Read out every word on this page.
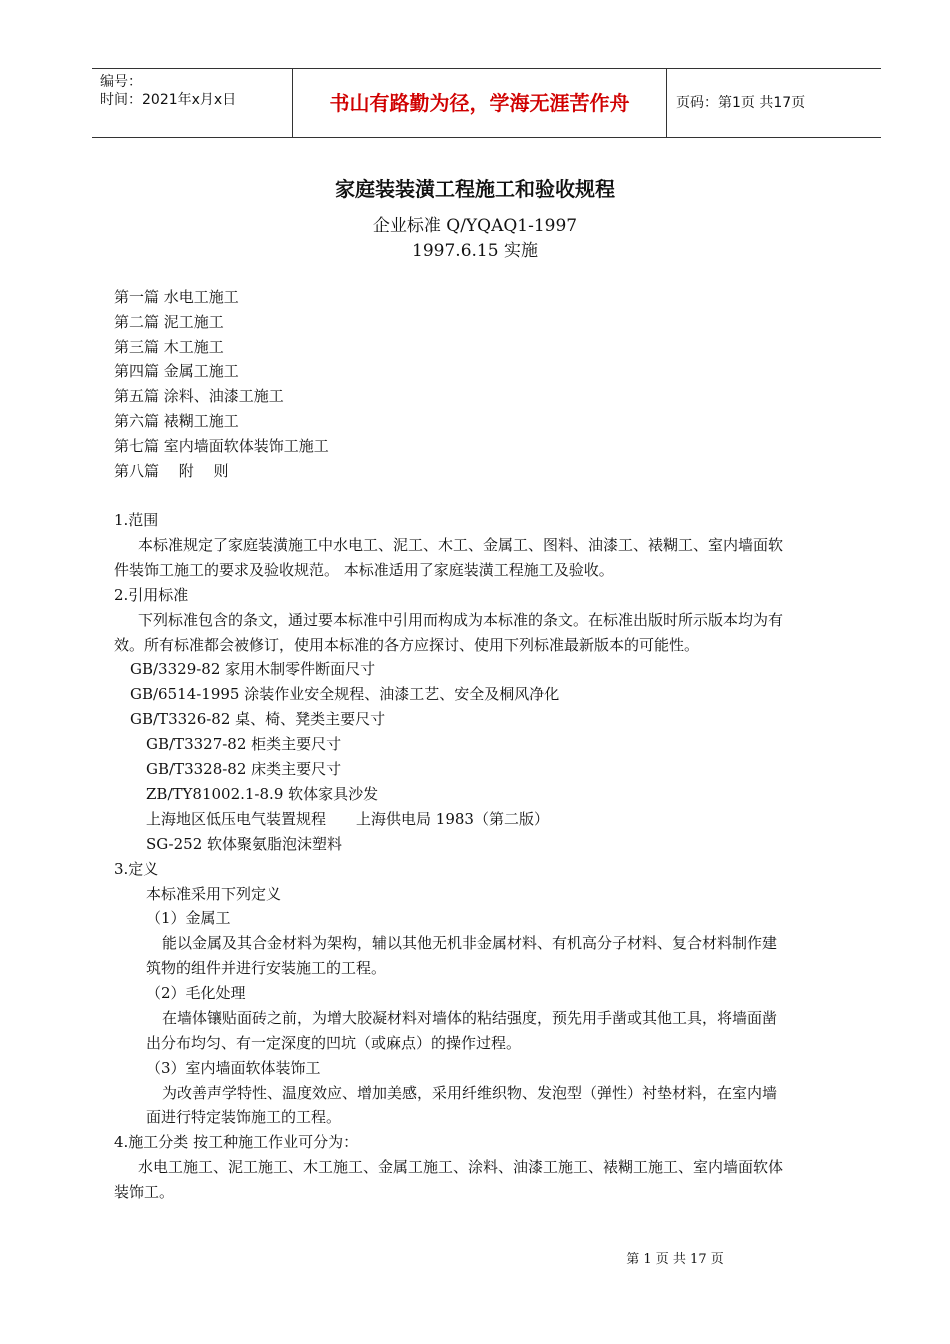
编号：
时间：2021年x月x日	书山有路勤为径，学海无涯苦作舟	页码：第1页 共17页
家庭装装潢工程施工和验收规程
企业标准 Q/YQAQ1-1997
1997.6.15 实施
第一篇 水电工施工
第二篇 泥工施工
第三篇 木工施工
第四篇 金属工施工
第五篇 涂料、油漆工施工
第六篇 裱糊工施工
第七篇 室内墙面软体装饰工施工
第八篇　 附　 则
1.范围
本标准规定了家庭装潢施工中水电工、泥工、木工、金属工、图料、油漆工、裱糊工、室内墙面软
件装饰工施工的要求及验收规范。 本标准适用了家庭装潢工程施工及验收。
2.引用标准
下列标准包含的条文，通过要本标准中引用而构成为本标准的条文。在标准出版时所示版本均为有
效。所有标准都会被修订，使用本标准的各方应探讨、使用下列标准最新版本的可能性。
GB/3329-82 家用木制零件断面尺寸
GB/6514-1995 涂装作业安全规程、油漆工艺、安全及桐风净化
GB/T3326-82 桌、椅、凳类主要尺寸
GB/T3327-82 柜类主要尺寸
GB/T3328-82 床类主要尺寸
ZB/TY81002.1-8.9 软体家具沙发
上海地区低压电气装置规程　　上海供电局 1983（第二版）
SG-252 软体聚氨脂泡沫塑料
3.定义
本标准采用下列定义
（1）金属工
能以金属及其合金材料为架构，辅以其他无机非金属材料、有机高分子材料、复合材料制作建
筑物的组件并进行安装施工的工程。
（2）毛化处理
在墙体镶贴面砖之前，为增大胶凝材料对墙体的粘结强度，预先用手凿或其他工具，将墙面凿
出分布均匀、有一定深度的凹坑（或麻点）的操作过程。
（3）室内墙面软体装饰工
为改善声学特性、温度效应、增加美感，采用纤维织物、发泡型（弹性）衬垫材料，在室内墙
面进行特定装饰施工的工程。
4.施工分类 按工种施工作业可分为：
水电工施工、泥工施工、木工施工、金属工施工、涂料、油漆工施工、裱糊工施工、室内墙面软体
装饰工。
第 1 页 共 17 页
